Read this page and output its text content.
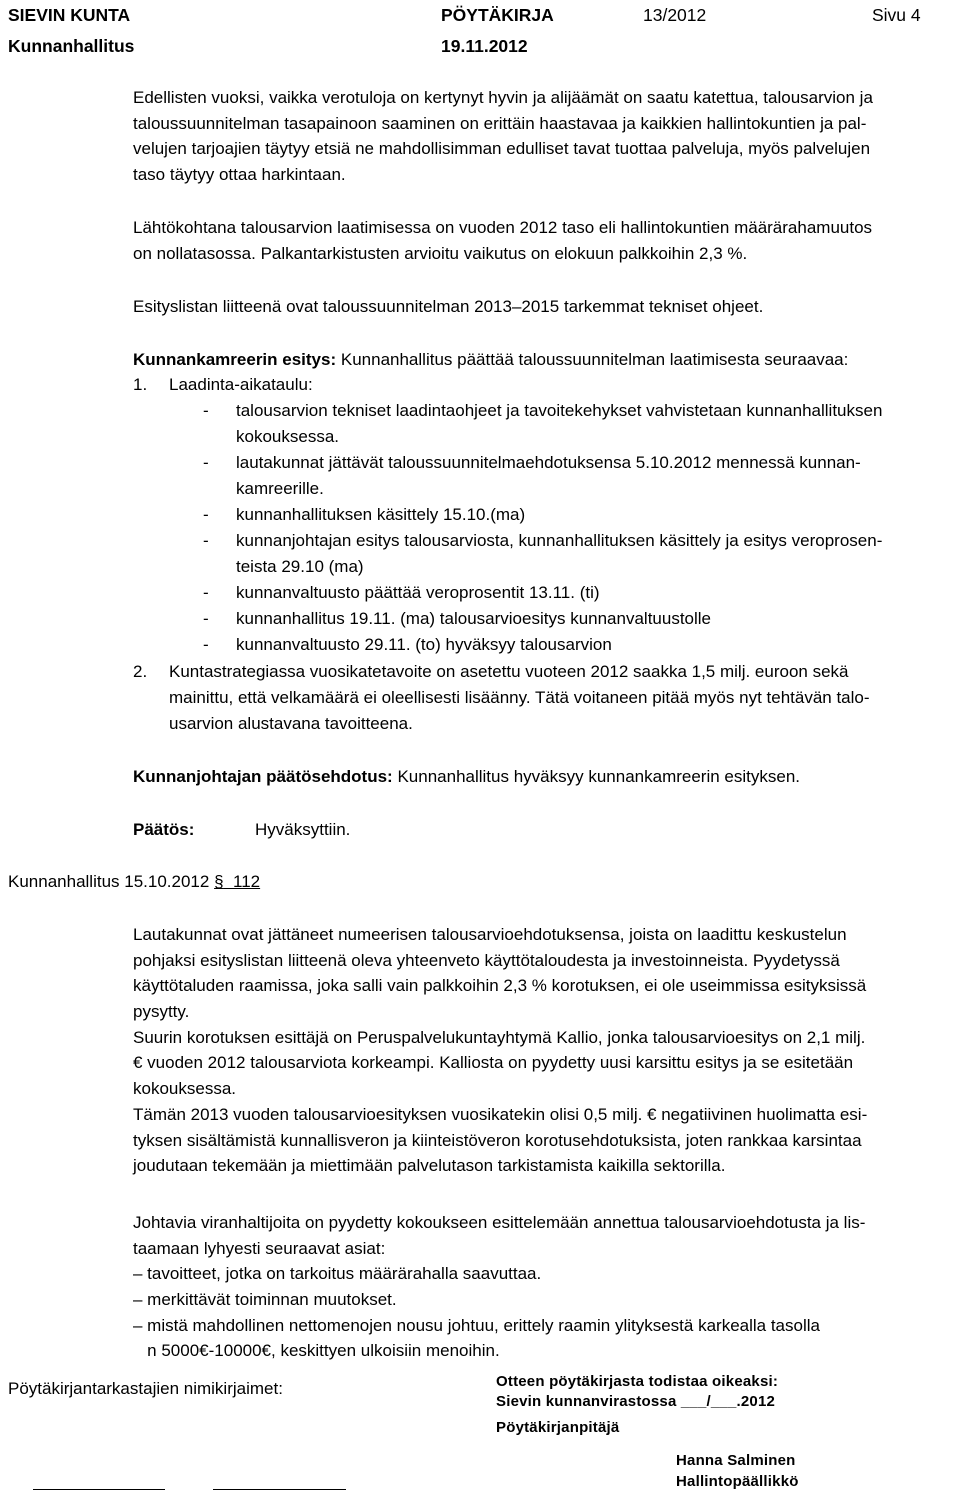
SIEVIN KUNTA	PÖYTÄKIRJA	13/2012	Sivu 4
Kunnanhallitus	19.11.2012
Edellisten vuoksi, vaikka verotuloja on kertynyt hyvin ja alijäämät on saatu katettua, talousarvion ja
taloussuunnitelman tasapainoon saaminen on erittäin haastavaa ja kaikkien hallintokuntien ja pal-
velujen tarjoajien täytyy etsiä ne mahdollisimman edulliset tavat tuottaa palveluja, myös palvelujen
taso täytyy ottaa harkintaan.
Lähtökohtana talousarvion laatimisessa on vuoden 2012 taso eli hallintokuntien määrärahamuutos
on nollatasossa. Palkantarkistusten arvioitu vaikutus on elokuun palkkoihin 2,3 %.
Esityslistan liitteenä ovat taloussuunnitelman 2013–2015 tarkemmat tekniset ohjeet.
Kunnankamreerin esitys: Kunnanhallitus päättää taloussuunnitelman laatimisesta seuraavaa:
1. Laadinta-aikataulu:
- talousarvion tekniset laadintaohjeet ja tavoitekehykset vahvistetaan kunnanhallituksen
kokouksessa.
- lautakunnat jättävät taloussuunnitelmaehdotuksensa 5.10.2012 mennessä kunnan-
kamreerille.
- kunnanhallituksen käsittely 15.10.(ma)
- kunnanjohtajan esitys talousarviosta, kunnanhallituksen käsittely ja esitys veroprosen-
teista 29.10 (ma)
- kunnanvaltuusto päättää veroprosentit 13.11. (ti)
- kunnanhallitus 19.11. (ma) talousarvioesitys kunnanvaltuustolle
- kunnanvaltuusto 29.11. (to) hyväksyy talousarvion
2. Kuntastrategiassa vuosikatetavoite on asetettu vuoteen 2012 saakka 1,5 milj. euroon sekä
mainittu, että velkamäärä ei oleellisesti lisäänny. Tätä voitaneen pitää myös nyt tehtävän talo-
usarvion alustavana tavoitteena.
Kunnanjohtajan päätösehdotus: Kunnanhallitus hyväksyy kunnankamreerin esityksen.
Päätös:	Hyväksyttiin.
Kunnanhallitus 15.10.2012 § 112
Lautakunnat ovat jättäneet numeerisen talousarvioehdotuksensa, joista on laadittu keskustelun
pohjaksi esityslistan liitteenä oleva yhteenveto käyttötaloudesta ja investoinneista. Pyydetyssä
käyttötaluden raamissa, joka salli vain palkkoihin 2,3 % korotuksen, ei ole useimmissa esityksissä
pysytty.
Suurin korotuksen esittäjä on Peruspalvelukuntayhtymä Kallio, jonka talousarvioesitys on 2,1 milj.
€ vuoden 2012 talousarviota korkeampi. Kalliosta on pyydetty uusi karsittu esitys ja se esitetään
kokouksessa.
Tämän 2013 vuoden talousarvioesityksen vuosikatekin olisi 0,5 milj. € negatiivinen huolimatta esi-
tyksen sisältämistä kunnallisveron ja kiinteistöveron korotusehdotuksista, joten rankkaa karsintaa
joudutaan tekemään ja miettimään palvelutason tarkistamista kaikilla sektorilla.
Johtavia viranhaltijoita on pyydetty kokoukseen esittelemään annettua talousarvioehdotusta ja lis-
taamaan lyhyesti seuraavat asiat:
– tavoitteet, jotka on tarkoitus määrärahalla saavuttaa.
– merkittävät toiminnan muutokset.
– mistä mahdollinen nettomenojen nousu johtuu, erittely raamin ylityksestä karkealla tasolla
n 5000€-10000€, keskittyen ulkoisiin menoihin.
Pöytäkirjantarkastajien nimikirjaimet:	Otteen pöytäkirjasta todistaa oikeaksi:
Sievin kunnanvirastossa ___/___.2012
Pöytäkirjanpitäjä
Hanna Salminen
Hallintopäällikkö
